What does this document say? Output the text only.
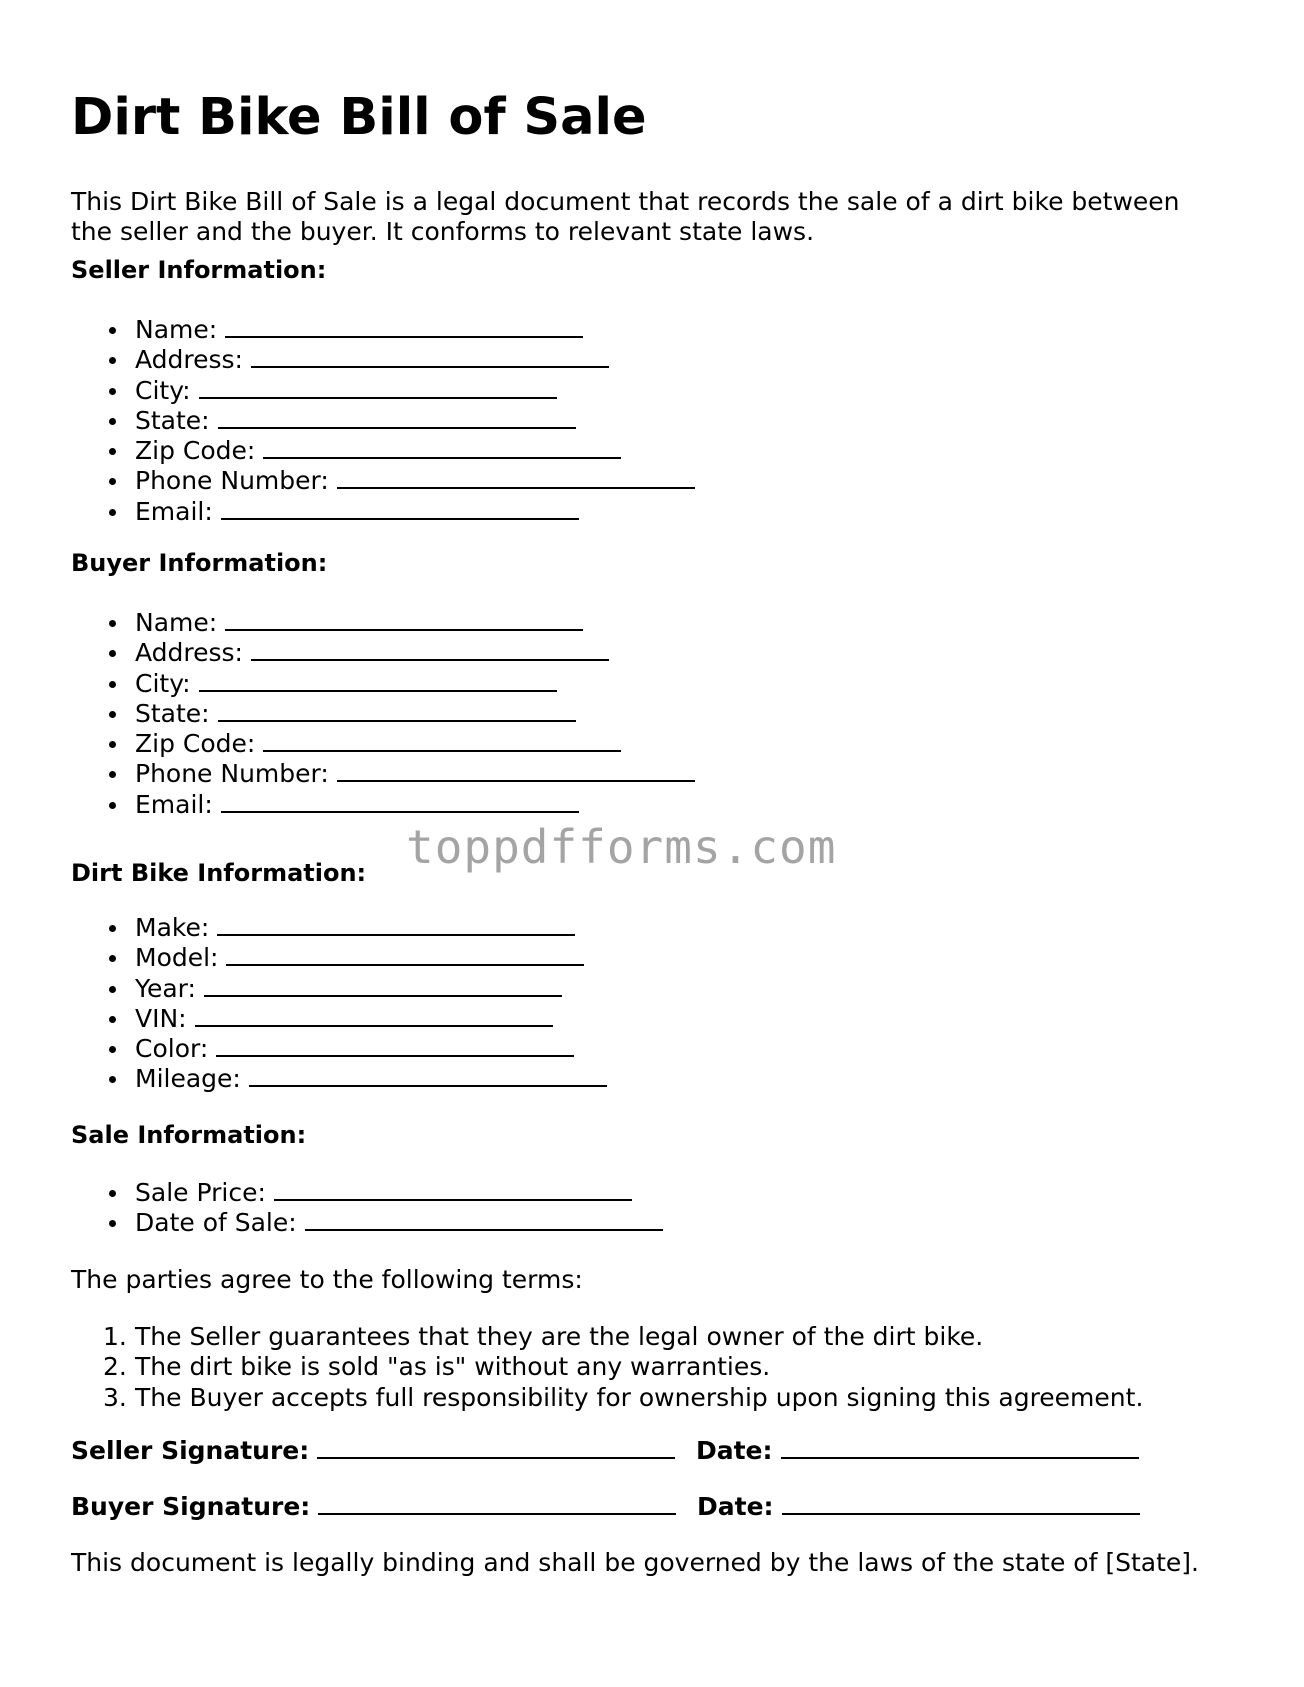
Dirt Bike Bill of Sale

This Dirt Bike Bill of Sale is a legal document that records the sale of a dirt bike between the seller and the buyer. It conforms to relevant state laws.

Seller Information:
Name:
Address:
City:
State:
Zip Code:
Phone Number:
Email:
Buyer Information:
Name:
Address:
City:
State:
Zip Code:
Phone Number:
Email:
Dirt Bike Information:
Make:
Model:
Year:
VIN:
Color:
Mileage:
Sale Information:
Sale Price:
Date of Sale:

The parties agree to the following terms:

1. The Seller guarantees that they are the legal owner of the dirt bike.
2. The dirt bike is sold "as is" without any warranties.
3. The Buyer accepts full responsibility for ownership upon signing this agreement.
Seller Signature:	Date:
Buyer Signature:	Date:

This document is legally binding and shall be governed by the laws of the state of [State].

toppdfforms.com
